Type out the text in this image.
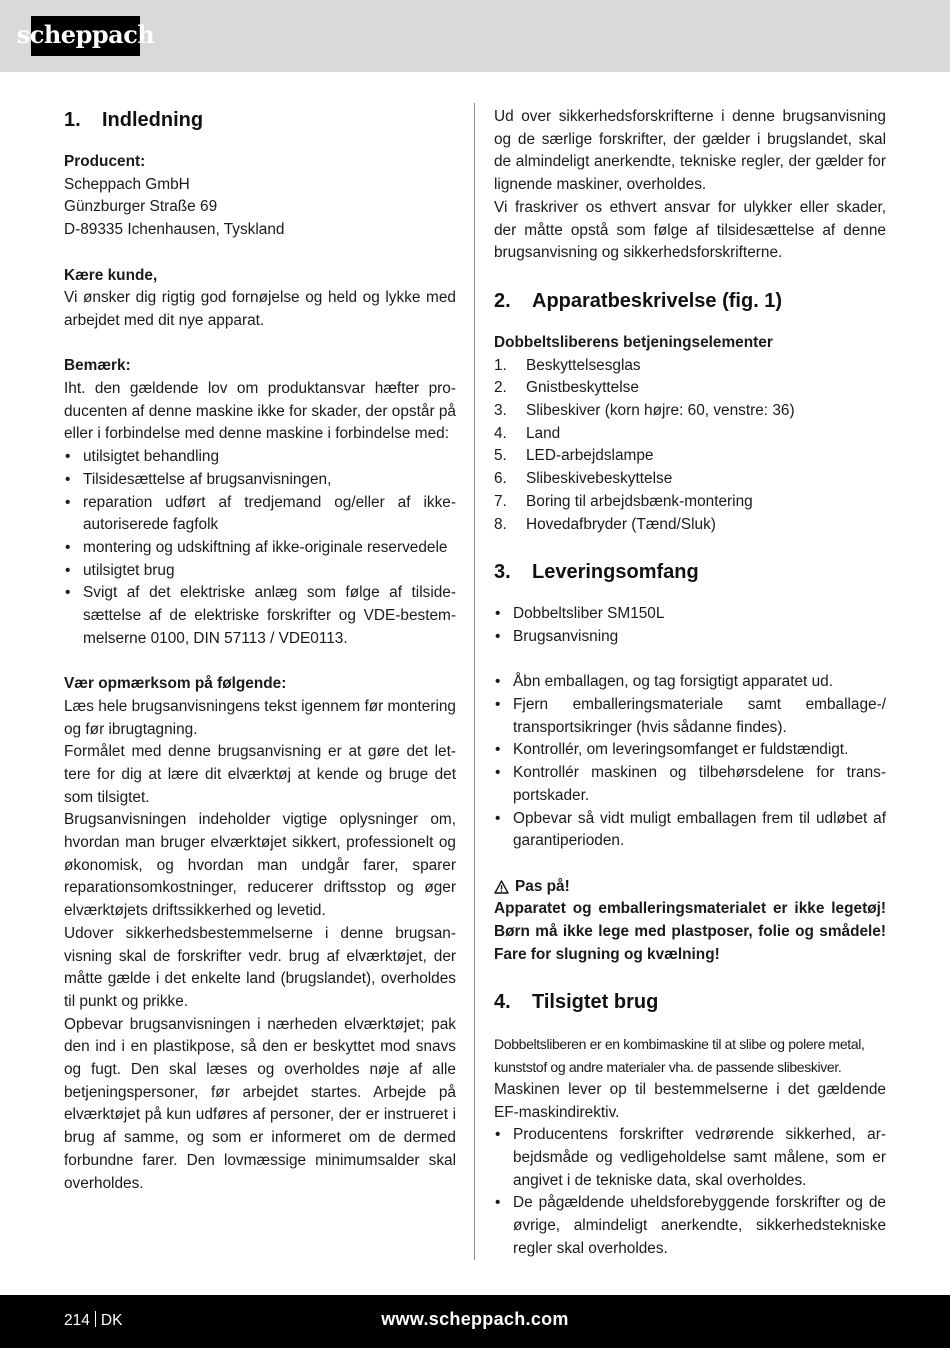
scheppach
1.	Indledning

Producent:

Scheppach GmbH

Günzburger Straße 69

D-89335 Ichenhausen, Tyskland

Kære kunde,

Vi ønsker dig rigtig god fornøjelse og held og lykke med arbejdet med dit nye apparat.

Bemærk:

Iht. den gældende lov om produktansvar hæfter producenten af denne maskine ikke for skader, der opstår på eller i forbindelse med denne maskine i forbindelse med:

• utilsigtet behandling
• Tilsidesættelse af brugsanvisningen,
• reparation udført af tredjemand og/eller af ikke-autoriserede fagfolk
• montering og udskiftning af ikke-originale reservedele
• utilsigtet brug
• Svigt af det elektriske anlæg som følge af tilsidesættelse af de elektriske forskrifter og VDE-bestemmelserne 0100, DIN 57113 / VDE0113.

Vær opmærksom på følgende:

Læs hele brugsanvisningens tekst igennem før montering og før ibrugtagning.

Formålet med denne brugsanvisning er at gøre det lettere for dig at lære dit elværktøj at kende og bruge det som tilsigtet.

Brugsanvisningen indeholder vigtige oplysninger om, hvordan man bruger elværktøjet sikkert, professionelt og økonomisk, og hvordan man undgår farer, sparer reparationsomkostninger, reducerer driftsstop og øger elværktøjets driftssikkerhed og levetid.

Udover sikkerhedsbestemmelserne i denne brugsanvisning skal de forskrifter vedr. brug af elværktøjet, der måtte gælde i det enkelte land (brugslandet), overholdes til punkt og prikke.

Opbevar brugsanvisningen i nærheden elværktøjet; pak den ind i en plastikpose, så den er beskyttet mod snavs og fugt. Den skal læses og overholdes nøje af alle betjeningspersoner, før arbejdet startes. Arbejde på elværktøjet på kun udføres af personer, der er instrueret i brug af samme, og som er informeret om de dermed forbundne farer. Den lovmæssige minimumsalder skal overholdes.

Ud over sikkerhedsforskrifterne i denne brugsanvisning og de særlige forskrifter, der gælder i brugslandet, skal de almindeligt anerkendte, tekniske regler, der gælder for lignende maskiner, overholdes.

Vi fraskriver os ethvert ansvar for ulykker eller skader, der måtte opstå som følge af tilsidesættelse af denne brugsanvisning og sikkerhedsforskrifterne.

2.	Apparatbeskrivelse (fig. 1)

Dobbeltsliberens betjeningselementer

1.	Beskyttelsesglas
2.	Gnistbeskyttelse
3.	Slibeskiver (korn højre: 60, venstre: 36)
4.	Land
5.	LED-arbejdslampe
6.	Slibeskivebeskyttelse
7.	Boring til arbejdsbænk-montering
8.	Hovedafbryder (Tænd/Sluk)
3.	Leveringsomfang
• Dobbeltsliber SM150L
• Brugsanvisning
• Åbn emballagen, og tag forsigtigt apparatet ud.
• Fjern emballeringsmateriale samt emballage-/ transportsikringer (hvis sådanne findes).
• Kontrollér, om leveringsomfanget er fuldstændigt.
• Kontrollér maskinen og tilbehørsdelene for transportskader.
• Opbevar så vidt muligt emballagen frem til udløbet af garantiperioden.

Pas på!

Apparatet og emballeringsmaterialet er ikke legetøj! Børn må ikke lege med plastposer, folie og smådele! Fare for slugning og kvælning!

4.	Tilsigtet brug

Dobbeltsliberen er en kombimaskine til at slibe og polere metal, kunststof og andre materialer vha. de passende slibeskiver.

Maskinen lever op til bestemmelserne i det gældende EF-maskindirektiv.

• Producentens forskrifter vedrørende sikkerhed, arbejdsmåde og vedligeholdelse samt målene, som er angivet i de tekniske data, skal overholdes.
• De pågældende uheldsforebyggende forskrifter og de øvrige, almindeligt anerkendte, sikkerhedstekniske regler skal overholdes.
214 DK	www.scheppach.com
